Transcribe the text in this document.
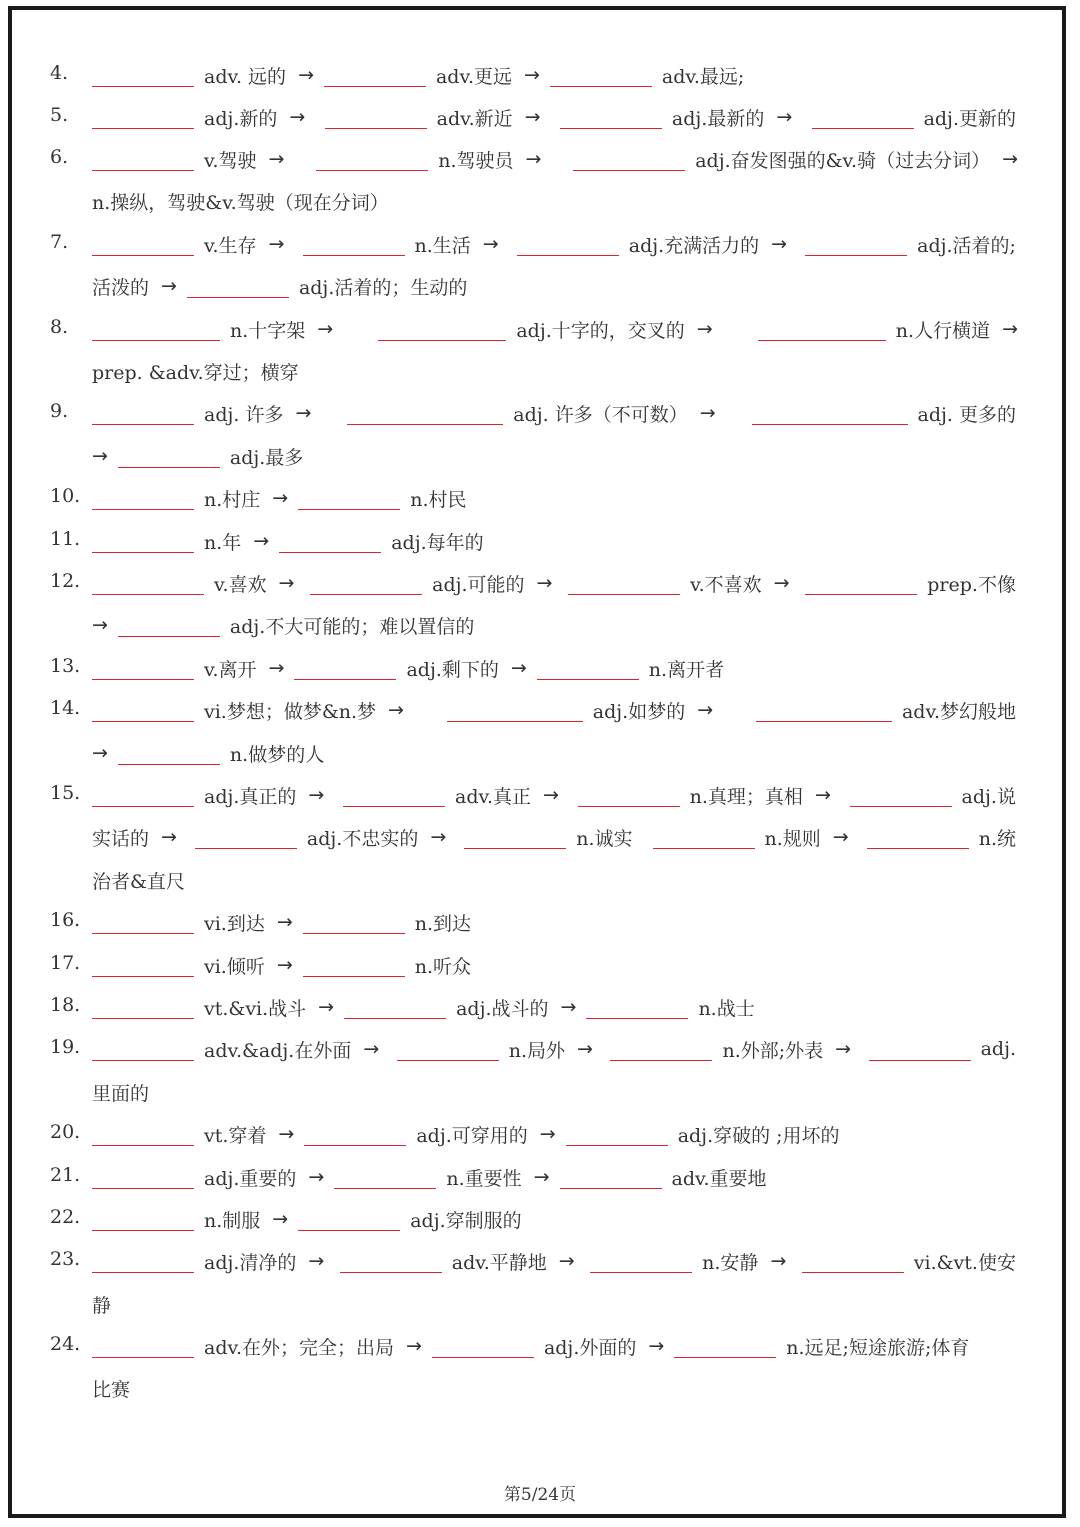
4.	adv. 远的 →	adv.更远 →	adv.最远;
5.	adj.新的 →	adv.新近 →	adj.最新的 →	adj.更新的
6.	v.驾驶 →	n.驾驶员 →	adj.奋发图强的&v.骑（过去分词） →
n.操纵，驾驶&v.驾驶（现在分词）
7.	v.生存 →	n.生活 →	adj.充满活力的 →	adj.活着的;
活泼的 →	adj.活着的；生动的
8.	n.十字架 →	adj.十字的，交叉的 →	n.人行横道 →
prep. &adv.穿过；横穿
9.	adj. 许多 →	adj. 许多（不可数） →	adj. 更多的
→	adj.最多
10.	n.村庄 →	n.村民
11.	n.年 →	adj.每年的
12.	v.喜欢 →	adj.可能的 →	v.不喜欢 →	prep.不像
→	adj.不大可能的；难以置信的
13.	v.离开 →	adj.剩下的 →	n.离开者
14.	vi.梦想；做梦&n.梦 →	adj.如梦的 →	adv.梦幻般地
→	n.做梦的人
15.	adj.真正的 →	adv.真正 →	n.真理；真相 →	adj.说
实话的 →	adj.不忠实的 →	n.诚实	n.规则 →	n.统
治者&直尺
16.	vi.到达 →	n.到达
17.	vi.倾听 →	n.听众
18.	vt.&vi.战斗 →	adj.战斗的 →	n.战士
19.	adv.&adj.在外面 →	n.局外 →	n.外部;外表 →	adj.
里面的
20.	vt.穿着 →	adj.可穿用的 →	adj.穿破的 ;用坏的
21.	adj.重要的 →	n.重要性 →	adv.重要地
22.	n.制服 →	adj.穿制服的
23.	adj.清净的 →	adv.平静地 →	n.安静 →	vi.&vt.使安
静
24.	adv.在外；完全；出局 →	adj.外面的 →	n.远足;短途旅游;体育
比赛
第5/24页
